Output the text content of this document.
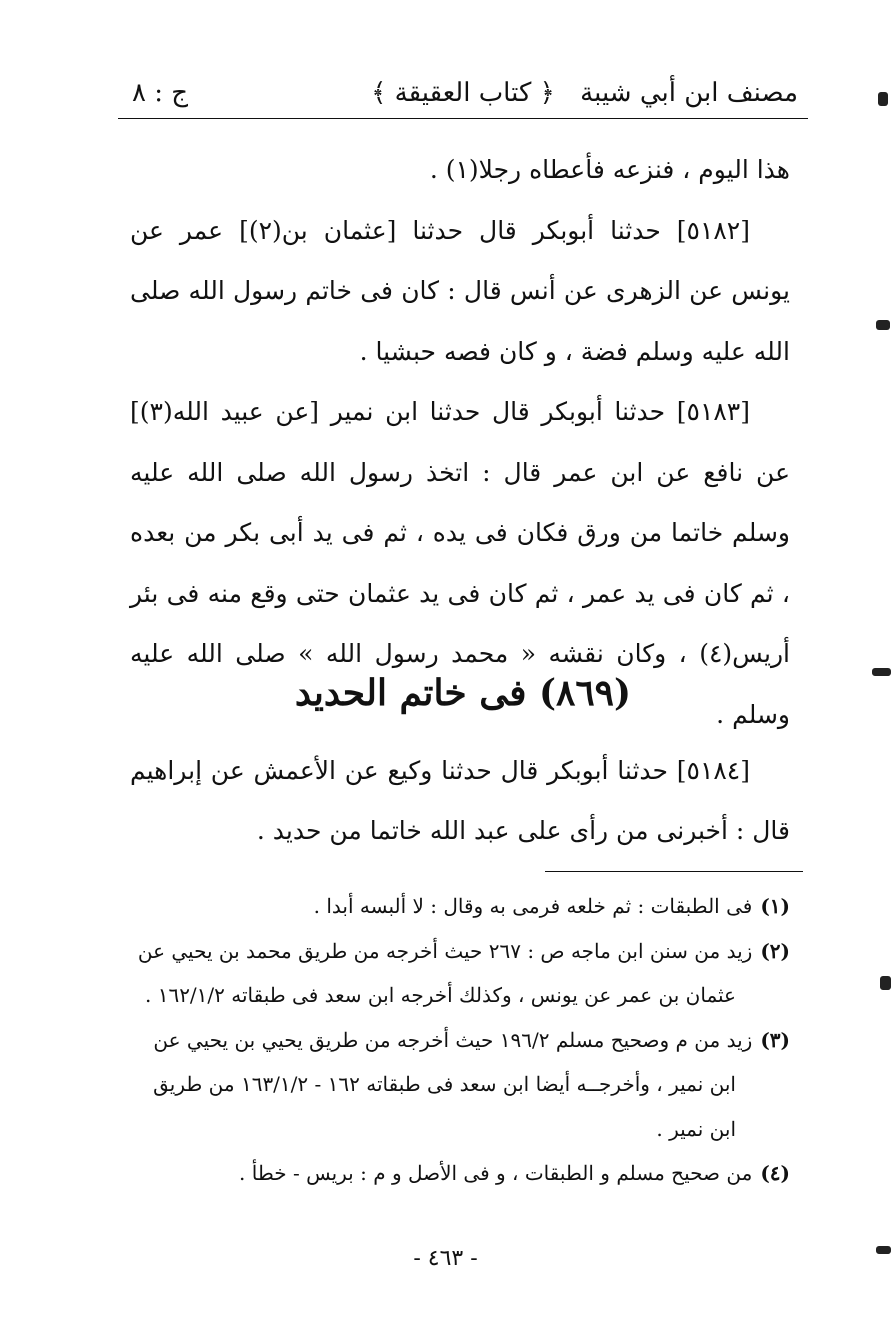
مصنف ابن أبي شيبة
﴿ كتاب العقيقة ﴾
ج : ٨

هذا اليوم ، فنزعه فأعطاه رجلا(١) .

[٥١٨٢] حدثنا أبوبكر قال حدثنا [عثمان بن(٢)] عمر عن يونس عن الزهرى عن أنس قال : كان فى خاتم رسول الله صلى الله عليه وسلم فضة ، و كان فصه حبشيا .

[٥١٨٣] حدثنا أبوبكر قال حدثنا ابن نمير [عن عبيد الله(٣)] عن نافع عن ابن عمر قال : اتخذ رسول الله صلى الله عليه وسلم خاتما من ورق فكان فى يده ، ثم فى يد أبى بكر من بعده ، ثم كان فى يد عمر ، ثم كان فى يد عثمان حتى وقع منه فى بئر أريس(٤) ، وكان نقشه « محمد رسول الله » صلى الله عليه وسلم .

(٨٦٩) فى خاتم الحديد

[٥١٨٤] حدثنا أبوبكر قال حدثنا وكيع عن الأعمش عن إبراهيم قال : أخبرنى من رأى على عبد الله خاتما من حديد .

(١)فى الطبقات : ثم خلعه فرمى به وقال : لا ألبسه أبدا .
(٢)زيد من سنن ابن ماجه ص : ٢٦٧ حيث أخرجه من طريق محمد بن يحيي عن
عثمان بن عمر عن يونس ، وكذلك أخرجه ابن سعد فى طبقاته ١٦٢/١/٢ .
(٣)زيد من م وصحيح مسلم ١٩٦/٢ حيث أخرجه من طريق يحيي بن يحيي عن
ابن نمير ، وأخرجــه أيضا ابن سعد فى طبقاته ١٦٢ - ١٦٣/١/٢ من طريق
ابن نمير .
(٤)من صحيح مسلم و الطبقات ، و فى الأصل و م : بريس - خطأ .
- ٤٦٣ -
